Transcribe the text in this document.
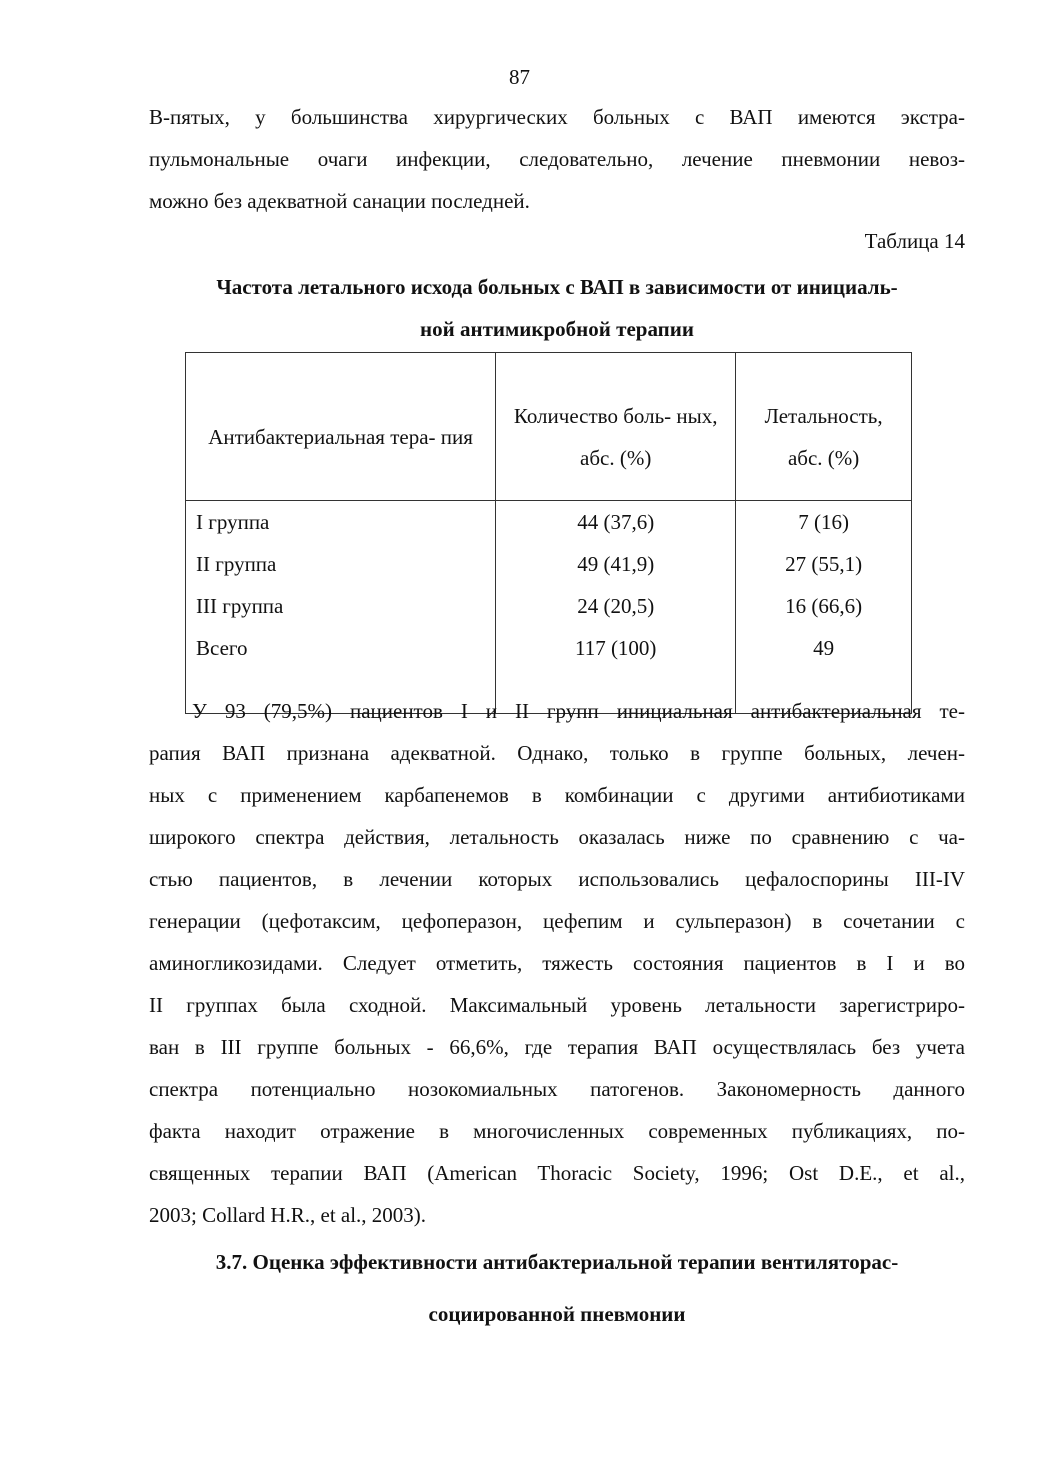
87
В-пятых, у большинства хирургических больных с ВАП имеются экстра-
пульмональные очаги инфекции, следовательно, лечение пневмонии невоз-
можно без адекватной санации последней.
Таблица 14
Частота летального исхода больных с ВАП в зависимости от инициаль-
ной антимикробной терапии
Антибактериальная тера- пия	Количество боль- ных, абс. (%)	Летальность, абс. (%)
I группа	44 (37,6)	7 (16)
II группа	49 (41,9)	27 (55,1)
III группа	24 (20,5)	16 (66,6)
Всего	117 (100)	49

У 93 (79,5%) пациентов I и II групп инициальная антибактериальная те-
рапия ВАП признана адекватной. Однако, только в группе больных, лечен-
ных с применением карбапенемов в комбинации с другими антибиотиками
широкого спектра действия, летальность оказалась ниже по сравнению с ча-
стью пациентов, в лечении которых использовались цефалоспорины III-IV
генерации (цефотаксим, цефоперазон, цефепим и сульперазон) в сочетании с
аминогликозидами. Следует отметить, тяжесть состояния пациентов в I и во
II группах была сходной. Максимальный уровень летальности зарегистриро-
ван в III группе больных - 66,6%, где терапия ВАП осуществлялась без учета
спектра потенциально нозокомиальных патогенов. Закономерность данного
факта находит отражение в многочисленных современных публикациях, по-
священных терапии ВАП (American Thoracic Society, 1996; Ost D.E., et al.,
2003; Collard H.R., et al., 2003).
3.7. Оценка эффективности антибактериальной терапии вентиляторас-
социированной пневмонии
